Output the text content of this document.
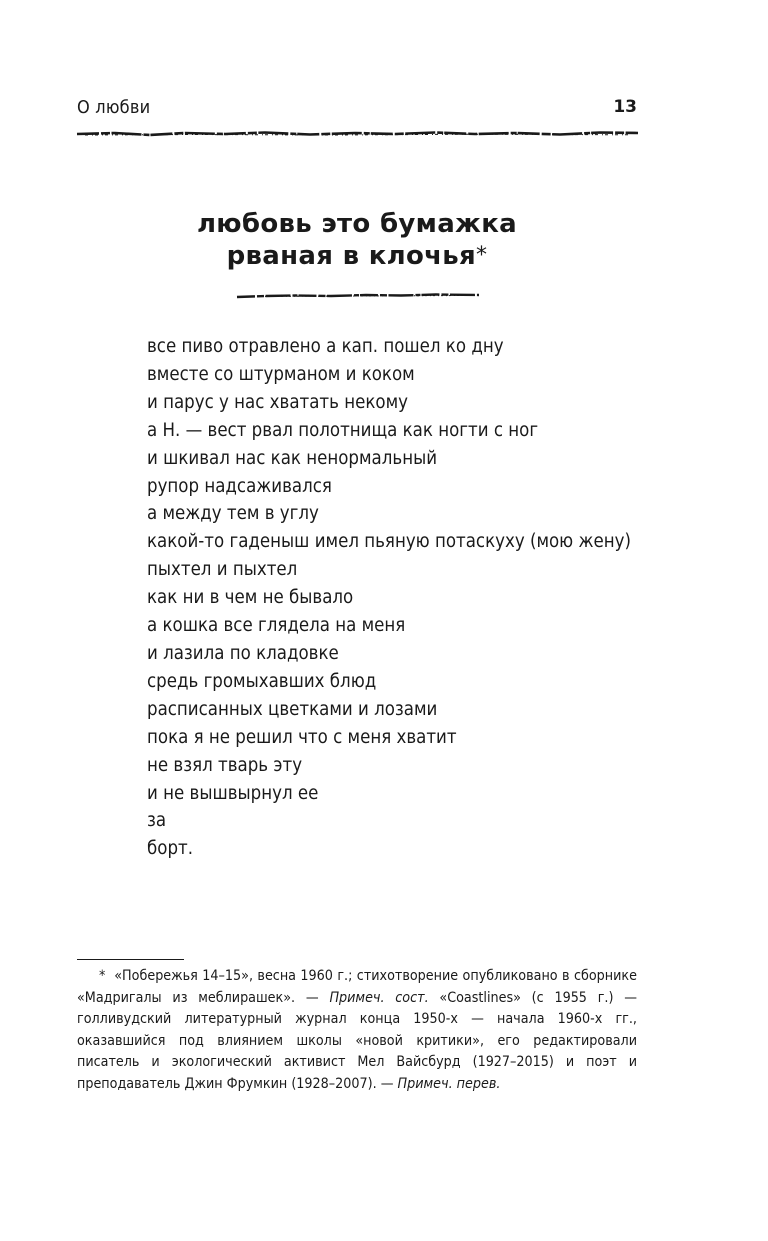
О любви	13
любовь это бумажка
рваная в клочья*
все пиво отравлено а кап. пошел ко дну
вместе со штурманом и коком
и парус у нас хватать некому
а Н. — вест рвал полотнища как ногти с ног
и шкивал нас как ненормальный
рупор надсаживался
а между тем в углу
какой-то гаденыш имел пьяную потаскуху (мою жену)
пыхтел и пыхтел
как ни в чем не бывало
а кошка все глядела на меня
и лазила по кладовке
средь громыхавших блюд
расписанных цветками и лозами
пока я не решил что с меня хватит
не взял тварь эту
и не вышвырнул ее
за
борт.
* «Побережья 14–15», весна 1960 г.; стихотворение опубликовано в сборнике «Мадригалы из меблирашек». — Примеч. сост. «Coastlines» (с 1955 г.) — голливудский литературный журнал конца 1950-х — начала 1960-х гг., оказавшийся под влиянием школы «новой критики», его редактировали писатель и экологический активист Мел Вайсбурд (1927–2015) и поэт и преподаватель Джин Фрумкин (1928–2007). — Примеч. перев.
